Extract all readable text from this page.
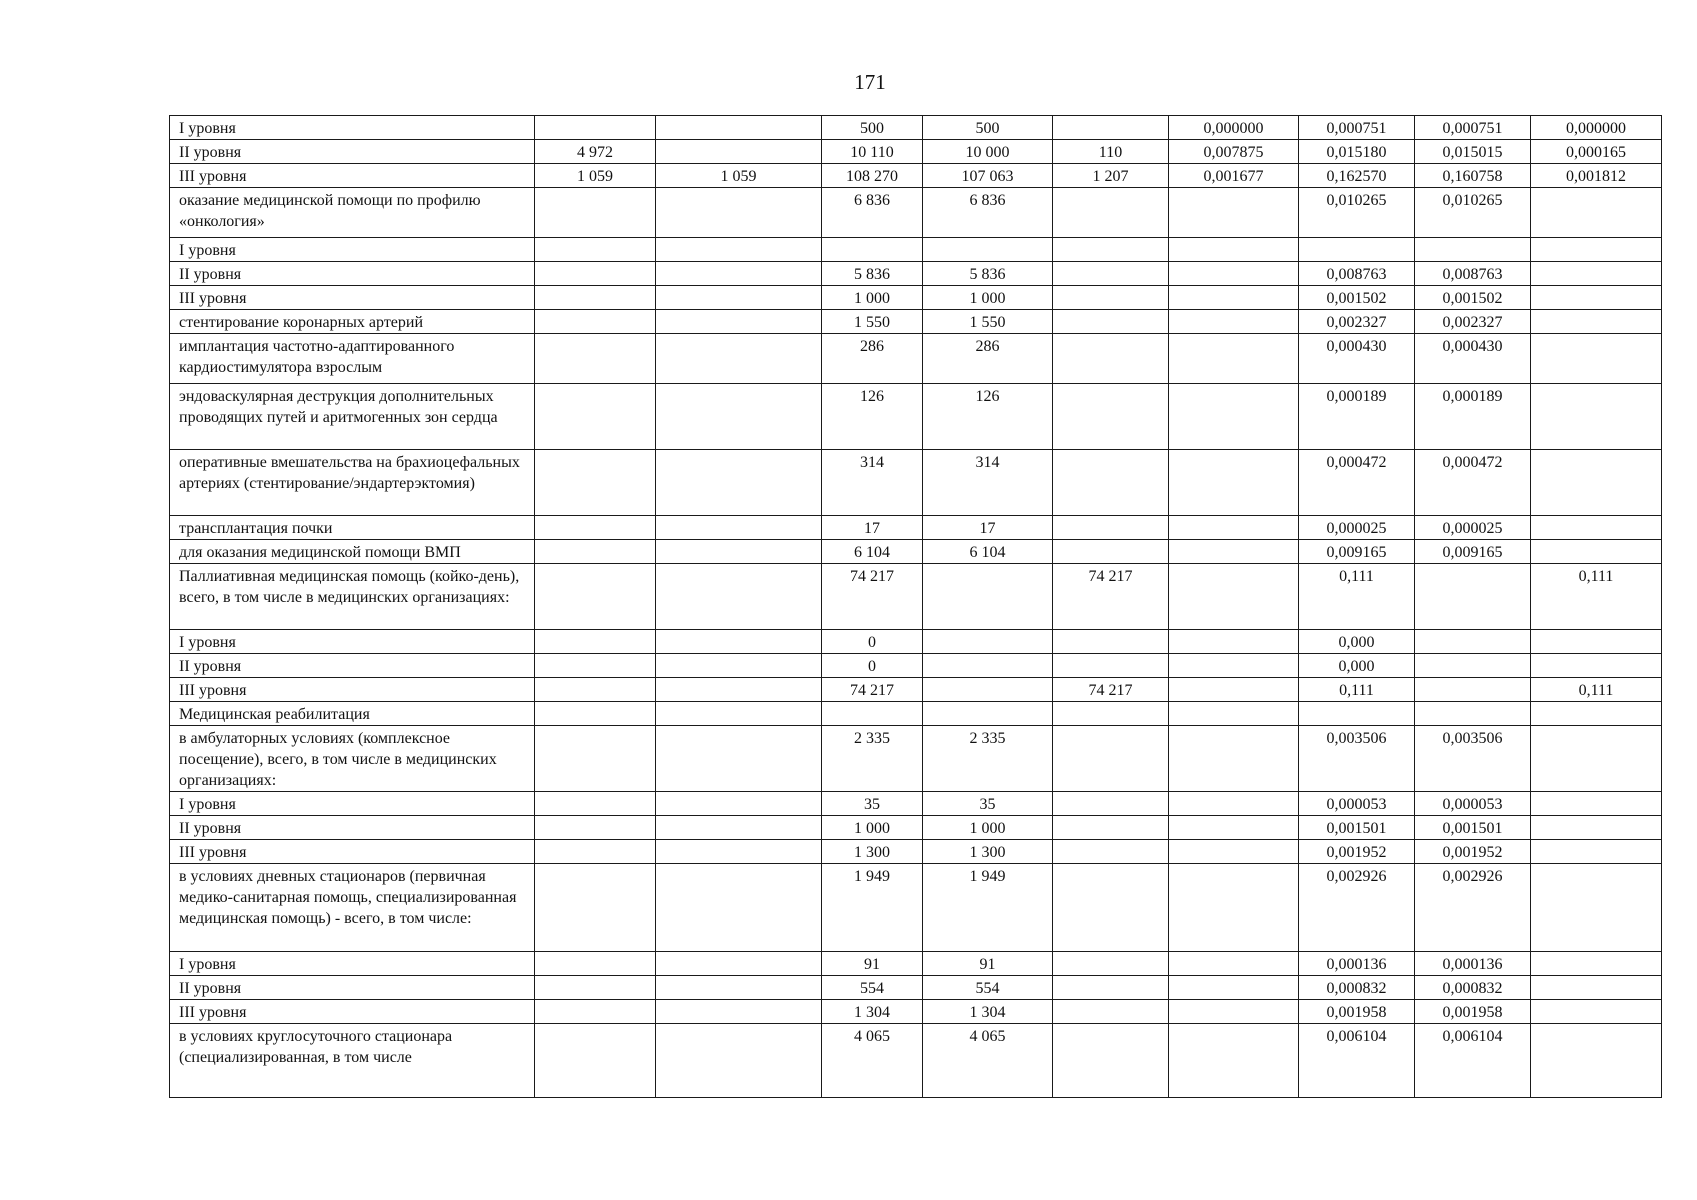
171
I уровня			500	500		0,000000	0,000751	0,000751	0,000000
II уровня	4 972		10 110	10 000	110	0,007875	0,015180	0,015015	0,000165
III уровня	1 059	1 059	108 270	107 063	1 207	0,001677	0,162570	0,160758	0,001812
оказание медицинской помощи по профилю «онкология»			6 836	6 836			0,010265	0,010265	
I уровня									
II уровня			5 836	5 836			0,008763	0,008763	
III уровня			1 000	1 000			0,001502	0,001502	
стентирование коронарных артерий			1 550	1 550			0,002327	0,002327	
имплантация частотно-адаптированного кардиостимулятора взрослым			286	286			0,000430	0,000430	
эндоваскулярная деструкция дополнительных проводящих путей и аритмогенных зон сердца			126	126			0,000189	0,000189	
оперативные вмешательства на брахиоцефальных артериях (стентирование/эндартерэктомия)			314	314			0,000472	0,000472	
трансплантация почки			17	17			0,000025	0,000025	
для оказания медицинской помощи ВМП			6 104	6 104			0,009165	0,009165	
Паллиативная медицинская помощь (койко-день), всего, в том числе в медицинских организациях:			74 217		74 217		0,111		0,111
I уровня			0				0,000		
II уровня			0				0,000		
III уровня			74 217		74 217		0,111		0,111
Медицинская реабилитация									
в амбулаторных условиях (комплексное посещение), всего, в том числе в медицинских организациях:			2 335	2 335			0,003506	0,003506	
I уровня			35	35			0,000053	0,000053	
II уровня			1 000	1 000			0,001501	0,001501	
III уровня			1 300	1 300			0,001952	0,001952	
в условиях дневных стационаров (первичная медико-санитарная помощь, специализированная медицинская помощь) - всего, в том числе:			1 949	1 949			0,002926	0,002926	
I уровня			91	91			0,000136	0,000136	
II уровня			554	554			0,000832	0,000832	
III уровня			1 304	1 304			0,001958	0,001958	
в условиях круглосуточного стационара (специализированная, в том числе			4 065	4 065			0,006104	0,006104	
